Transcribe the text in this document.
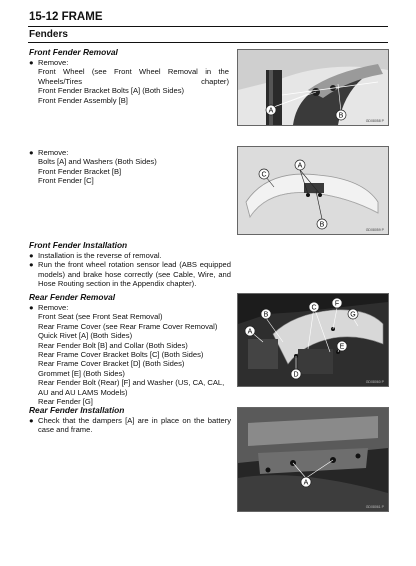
15-12 FRAME
Fenders
Front Fender Removal
● Remove:
Front Wheel (see Front Wheel Removal in the Wheels/Tires chapter)
Front Fender Bracket Bolts [A] (Both Sides)
Front Fender Assembly [B]
● Remove:
Bolts [A] and Washers (Both Sides)
Front Fender Bracket [B]
Front Fender [C]
Front Fender Installation
● Installation is the reverse of removal.
● Run the front wheel rotation sensor lead (ABS equipped models) and brake hose correctly (see Cable, Wire, and Hose Routing section in the Appendix chapter).
Rear Fender Removal
● Remove:
Front Seat (see Front Seat Removal)
Rear Frame Cover (see Rear Frame Cover Removal)
Quick Rivet [A] (Both Sides)
Rear Fender Bolt [B] and Collar (Both Sides)
Rear Frame Cover Bracket Bolts [C] (Both Sides)
Rear Frame Cover Bracket [D] (Both Sides)
Grommet [E] (Both Sides)
Rear Fender Bolt (Rear) [F] and Washer (US, CA, CAL, AU and AU LAMS Models)
Rear Fender [G]
Rear Fender Installation
● Check that the dampers [A] are in place on the battery case and frame.
A
B
GD08058 P
A
B
C
GD08059 P
A
B
C
D
E
F
G
GD08060 P
A
GD08061 P
